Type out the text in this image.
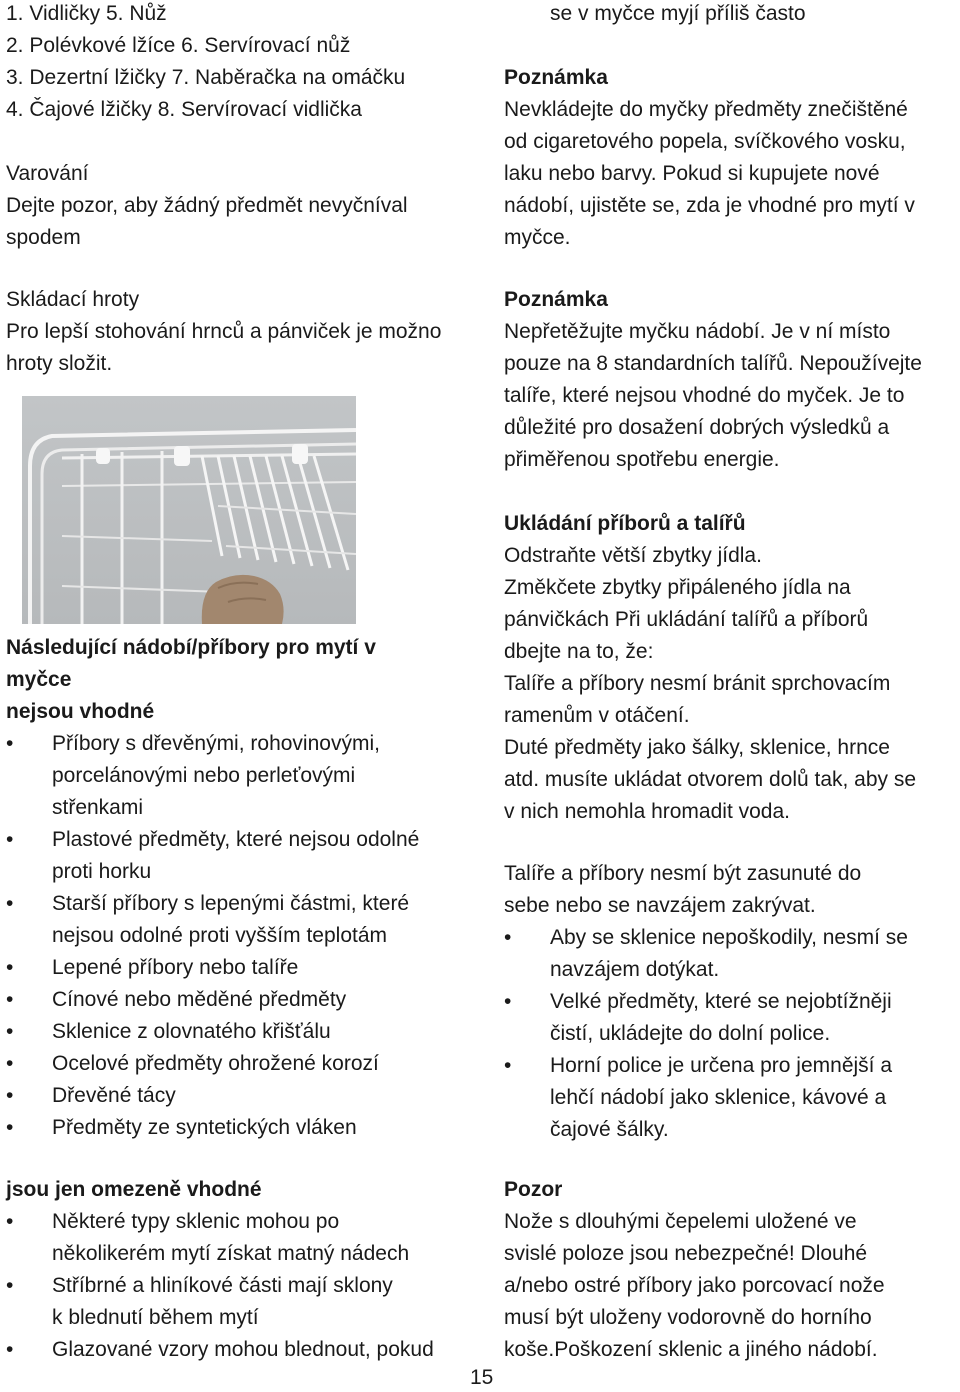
1. Vidličky 5. Nůž
2. Polévkové lžíce 6. Servírovací nůž
3. Dezertní lžičky 7. Naběračka na omáčku
4. Čajové lžičky 8. Servírovací vidlička
Varování
Dejte pozor, aby žádný předmět nevyčníval
spodem
Skládací hroty
Pro lepší stohování hrnců a pánviček je možno
hroty složit.
Následující nádobí/příbory pro mytí v
myčce
nejsou vhodné
• Příbory s dřevěnými, rohovinovými,
porcelánovými nebo perleťovými
střenkami
• Plastové předměty, které nejsou odolné
proti horku
• Starší příbory s lepenými částmi, které
nejsou odolné proti vyšším teplotám
• Lepené příbory nebo talíře
• Cínové nebo měděné předměty
• Sklenice z olovnatého křišťálu
• Ocelové předměty ohrožené korozí
• Dřevěné tácy
• Předměty ze syntetických vláken
jsou jen omezeně vhodné
• Některé typy sklenic mohou po
několikerém mytí získat matný nádech
• Stříbrné a hliníkové části mají sklony
k blednutí během mytí
• Glazované vzory mohou blednout, pokud
se v myčce myjí příliš často
Poznámka
Nevkládejte do myčky předměty znečištěné
od cigaretového popela, svíčkového vosku,
laku nebo barvy. Pokud si kupujete nové
nádobí, ujistěte se, zda je vhodné pro mytí v
myčce.
Poznámka
Nepřetěžujte myčku nádobí. Je v ní místo
pouze na 8 standardních talířů. Nepoužívejte
talíře, které nejsou vhodné do myček. Je to
důležité pro dosažení dobrých výsledků a
přiměřenou spotřebu energie.
Ukládání příborů a talířů
Odstraňte větší zbytky jídla.
Změkčete zbytky připáleného jídla na
pánvičkách Při ukládání talířů a příborů
dbejte na to, že:
Talíře a příbory nesmí bránit sprchovacím
ramenům v otáčení.
Duté předměty jako šálky, sklenice, hrnce
atd. musíte ukládat otvorem dolů tak, aby se
v nich nemohla hromadit voda.
Talíře a příbory nesmí být zasunuté do
sebe nebo se navzájem zakrývat.
• Aby se sklenice nepoškodily, nesmí se
navzájem dotýkat.
• Velké předměty, které se nejobtížněji
čistí, ukládejte do dolní police.
• Horní police je určena pro jemnější a
lehčí nádobí jako sklenice, kávové a
čajové šálky.
Pozor
Nože s dlouhými čepelemi uložené ve
svislé poloze jsou nebezpečné! Dlouhé
a/nebo ostré příbory jako porcovací nože
musí být uloženy vodorovně do horního
koše.Poškození sklenic a jiného nádobí.
15
